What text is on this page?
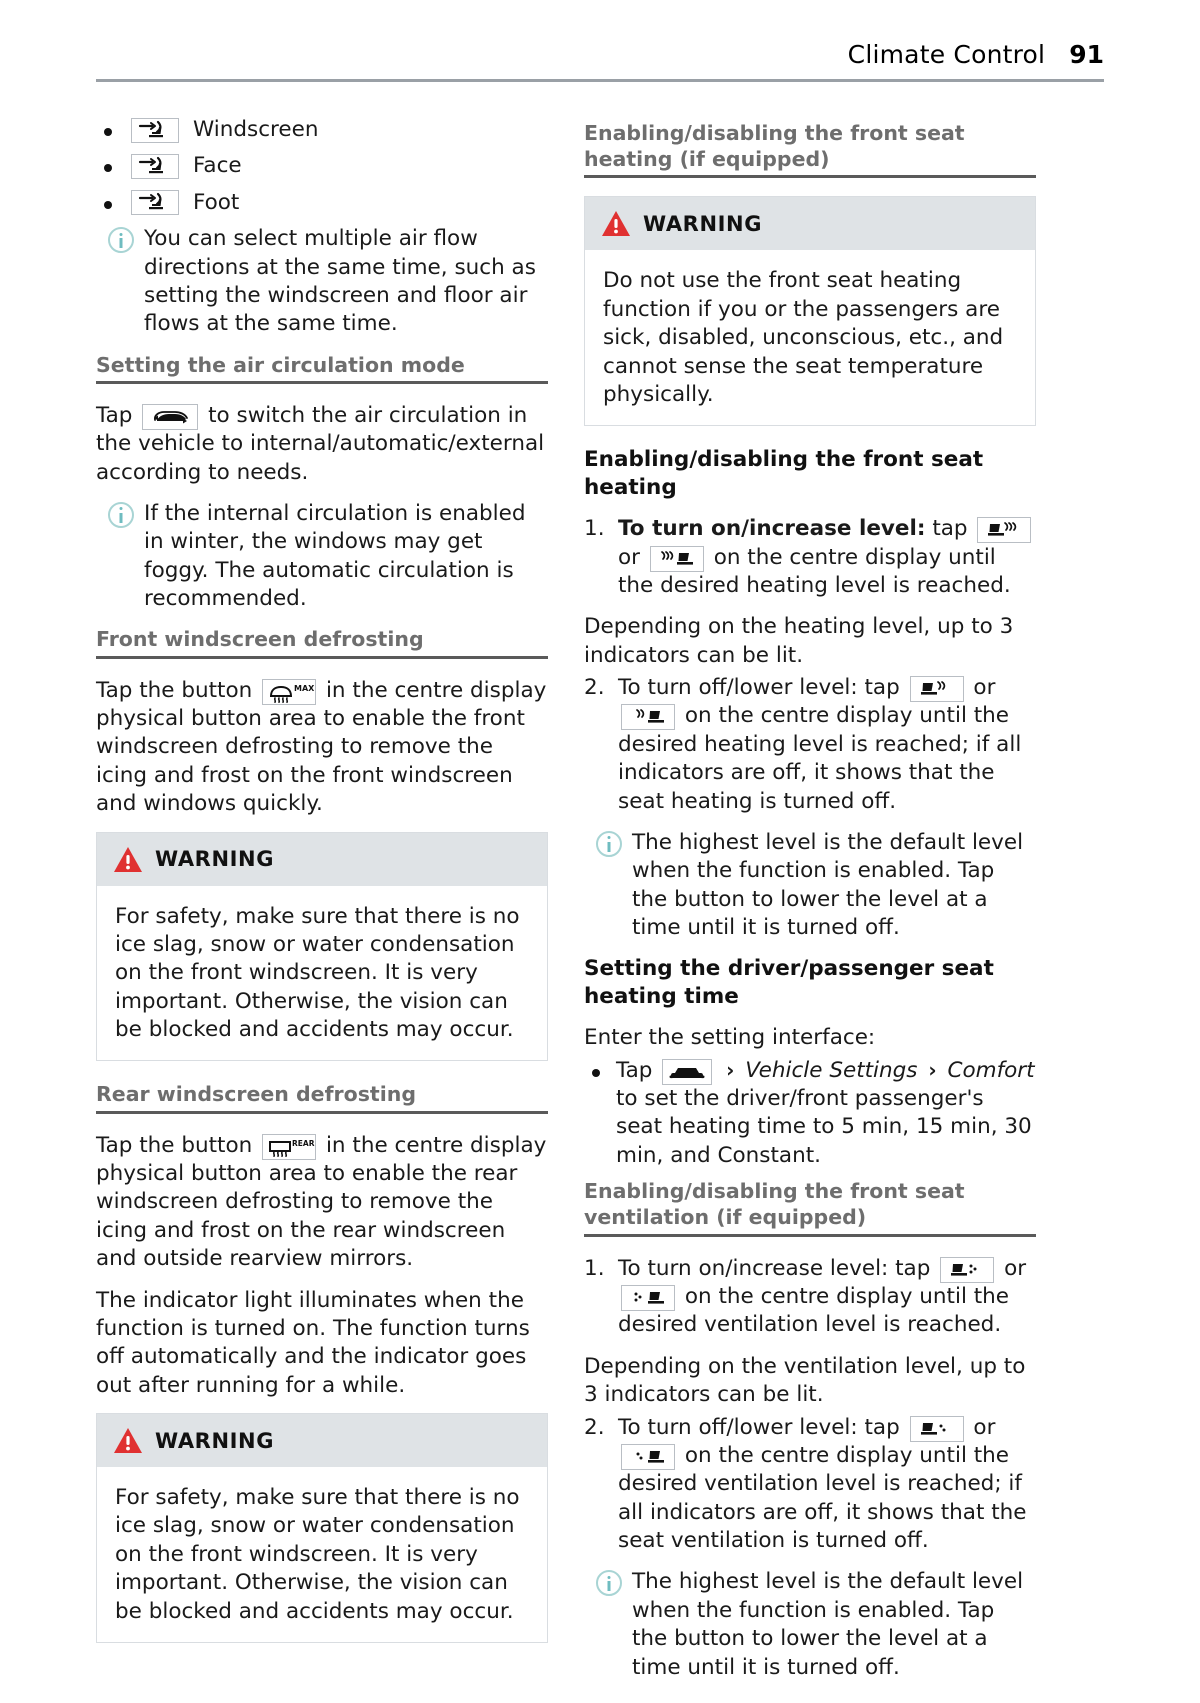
Climate Control 91
Windscreen
Face
Foot

You can select multiple air flow directions at the same time, such as setting the windscreen and floor air flows at the same time.

Setting the air circulation mode

Tap	to switch the air circulation in the vehicle to internal/automatic/external according to needs.

If the internal circulation is enabled in winter, the windows may get foggy. The automatic circulation is recommended.

Front windscreen defrosting

Tap the button	MAX in the centre display physical button area to enable the front windscreen defrosting to remove the icing and frost on the front windscreen and windows quickly.

WARNING

For safety, make sure that there is no ice slag, snow or water condensation on the front windscreen. It is very important. Otherwise, the vision can be blocked and accidents may occur.

Rear windscreen defrosting

Tap the button	REAR in the centre display physical button area to enable the rear windscreen defrosting to remove the icing and frost on the rear windscreen and outside rearview mirrors.

The indicator light illuminates when the function is turned on. The function turns off automatically and the indicator goes out after running for a while.

WARNING

For safety, make sure that there is no ice slag, snow or water condensation on the front windscreen. It is very important. Otherwise, the vision can be blocked and accidents may occur.

Enabling/disabling the front seat heating (if equipped)
WARNING

Do not use the front seat heating function if you or the passengers are sick, disabled, unconscious, etc., and cannot sense the seat temperature physically.

Enabling/disabling the front seat heating
To turn on/increase level: tap
or	on the centre display until the desired heating level is reached.

Depending on the heating level, up to 3 indicators can be lit.

To turn off/lower level: tap	or
on the centre display until the desired heating level is reached; if all indicators are off, it shows that the seat heating is turned off.

The highest level is the default level when the function is enabled. Tap the button to lower the level at a time until it is turned off.

Setting the driver/passenger seat heating time

Enter the setting interface:

Tap	› Vehicle Settings › Comfort to set the driver/front passenger's seat heating time to 5 min, 15 min, 30 min, and Constant.
Enabling/disabling the front seat ventilation (if equipped)
To turn on/increase level: tap	or
on the centre display until the desired ventilation level is reached.

Depending on the ventilation level, up to 3 indicators can be lit.

To turn off/lower level: tap	or
on the centre display until the desired ventilation level is reached; if all indicators are off, it shows that the seat ventilation is turned off.

The highest level is the default level when the function is enabled. Tap the button to lower the level at a time until it is turned off.
